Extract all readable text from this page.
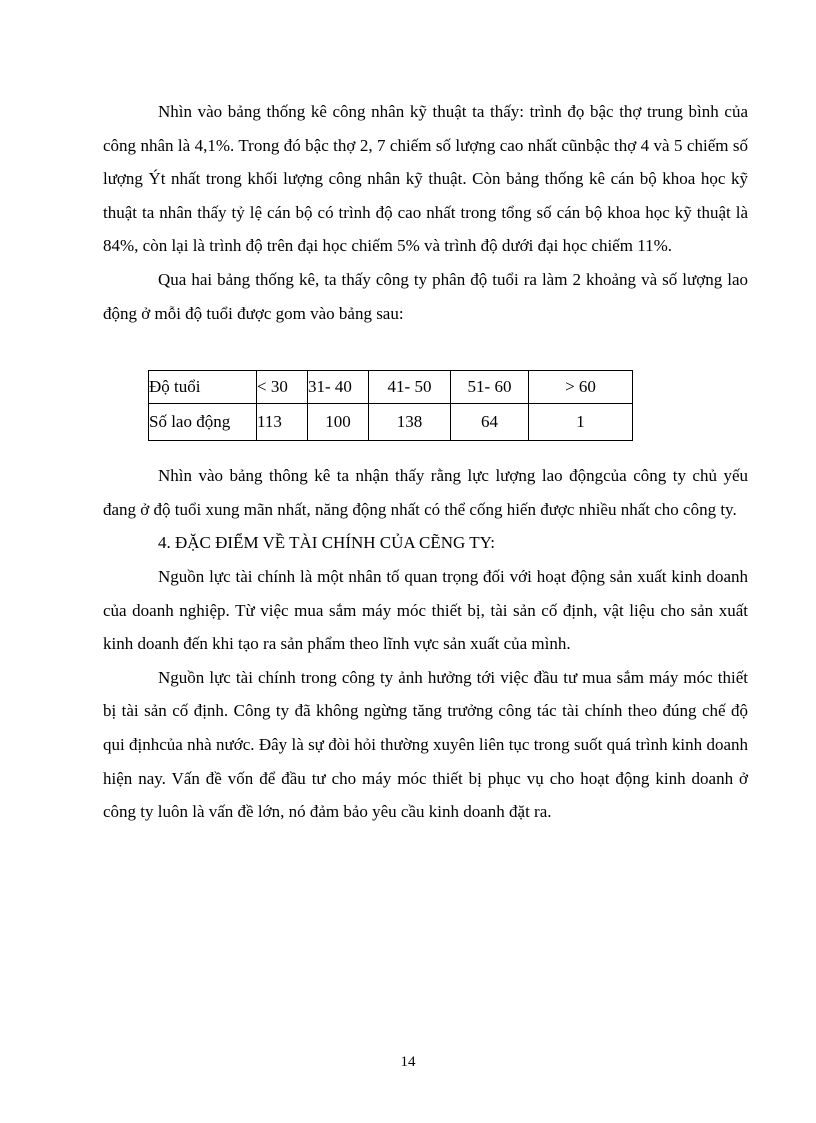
Nhìn vào bảng thống kê công nhân kỹ thuật ta thấy: trình đọ bậc thợ trung bình của công nhân là 4,1%. Trong đó bậc thợ 2, 7 chiếm số lượng cao nhất cũnbậc thợ 4 và 5 chiếm số lượng Ýt nhất trong khối lượng công nhân kỹ thuật. Còn bảng thống kê cán bộ khoa học kỹ thuật ta nhân thấy tỷ lệ cán bộ có trình độ cao nhất trong tổng số cán bộ khoa học kỹ thuật là 84%, còn lại là trình độ trên đại học chiếm 5% và trình độ dưới đại học chiếm 11%.

Qua hai bảng thống kê, ta thấy công ty phân độ tuổi ra làm 2 khoảng và số lượng lao động ở mỗi độ tuổi được gom vào bảng sau:

Độ tuổi	< 30	31- 40	41- 50	51- 60	> 60
Số lao động	113	100	138	64	1

Nhìn vào bảng thông kê ta nhận thấy rằng lực lượng lao độngcủa công ty chủ yếu đang ở độ tuổi xung mãn nhất, năng động nhất có thể cống hiến được nhiều nhất cho công ty.

4. ĐẶC ĐIỂM VỀ TÀI CHÍNH CỦA CẼNG TY:

Nguồn lực tài chính là một nhân tố quan trọng đối với hoạt động sản xuất kinh doanh của doanh nghiệp. Từ việc mua sắm máy móc thiết bị, tài sản cố định, vật liệu cho sản xuất kinh doanh đến khi tạo ra sản phẩm theo lĩnh vực sản xuất của mình.

Nguồn lực tài chính trong công ty ảnh hưởng tới việc đầu tư mua sắm máy móc thiết bị tài sản cố định. Công ty đã không ngừng tăng trưởng công tác tài chính theo đúng chế độ qui địnhcủa nhà nước. Đây là sự đòi hỏi thường xuyên liên tục trong suốt quá trình kinh doanh hiện nay. Vấn đề vốn để đầu tư cho máy móc thiết bị phục vụ cho hoạt động kinh doanh ở công ty luôn là vấn đề lớn, nó đảm bảo yêu cầu kinh doanh đặt ra.

14
